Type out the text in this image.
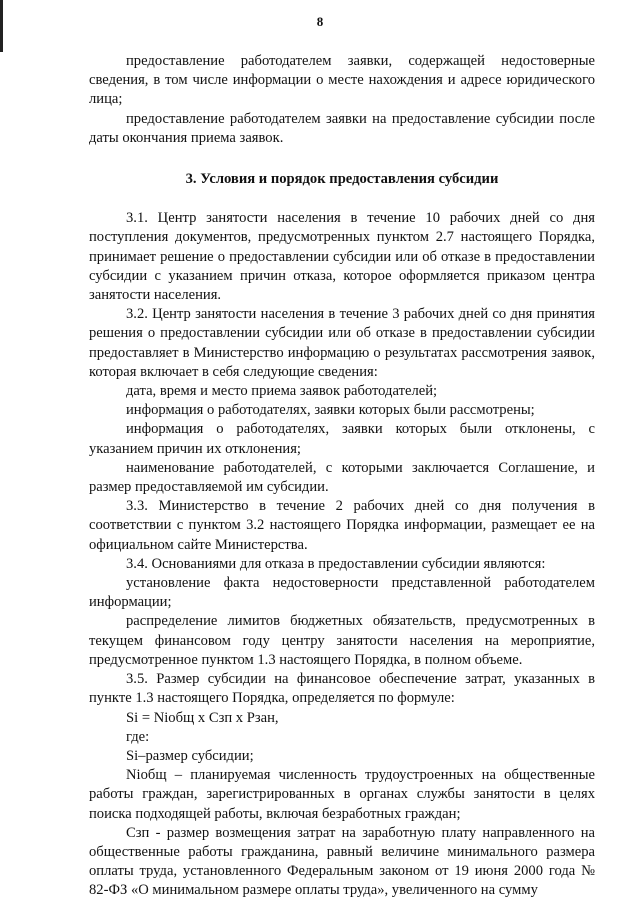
8

предоставление работодателем заявки, содержащей недостоверные сведения, в том числе информации о месте нахождения и адресе юридического лица;

предоставление работодателем заявки на предоставление субсидии после даты окончания приема заявок.

3. Условия и порядок предоставления субсидии

3.1. Центр занятости населения в течение 10 рабочих дней со дня поступления документов, предусмотренных пунктом 2.7 настоящего Порядка, принимает решение о предоставлении субсидии или об отказе в предоставлении субсидии с указанием причин отказа, которое оформляется приказом центра занятости населения.

3.2. Центр занятости населения в течение 3 рабочих дней со дня принятия решения о предоставлении субсидии или об отказе в предоставлении субсидии предоставляет в Министерство информацию о результатах рассмотрения заявок, которая включает в себя следующие сведения:

дата, время и место приема заявок работодателей;

информация о работодателях, заявки которых были рассмотрены;

информация о работодателях, заявки которых были отклонены, с указанием причин их отклонения;

наименование работодателей, с которыми заключается Соглашение, и размер предоставляемой им субсидии.

3.3. Министерство в течение 2 рабочих дней со дня получения в соответствии с пунктом 3.2 настоящего Порядка информации, размещает ее на официальном сайте Министерства.

3.4. Основаниями для отказа в предоставлении субсидии являются:

установление факта недостоверности представленной работодателем информации;

распределение лимитов бюджетных обязательств, предусмотренных в текущем финансовом году центру занятости населения на мероприятие, предусмотренное пунктом 1.3 настоящего Порядка, в полном объеме.

3.5. Размер субсидии на финансовое обеспечение затрат, указанных в пункте 1.3 настоящего Порядка, определяется по формуле:

Si = Nioбщ x Сзп x Рзан,

где:

Si–размер субсидии;

Niобщ – планируемая численность трудоустроенных на общественные работы граждан, зарегистрированных в органах службы занятости в целях поиска подходящей работы, включая безработных граждан;

Сзп - размер возмещения затрат на заработную плату направленного на общественные работы гражданина, равный величине минимального размера оплаты труда, установленного Федеральным законом от 19 июня 2000 года № 82-ФЗ «О минимальном размере оплаты труда», увеличенного на сумму
